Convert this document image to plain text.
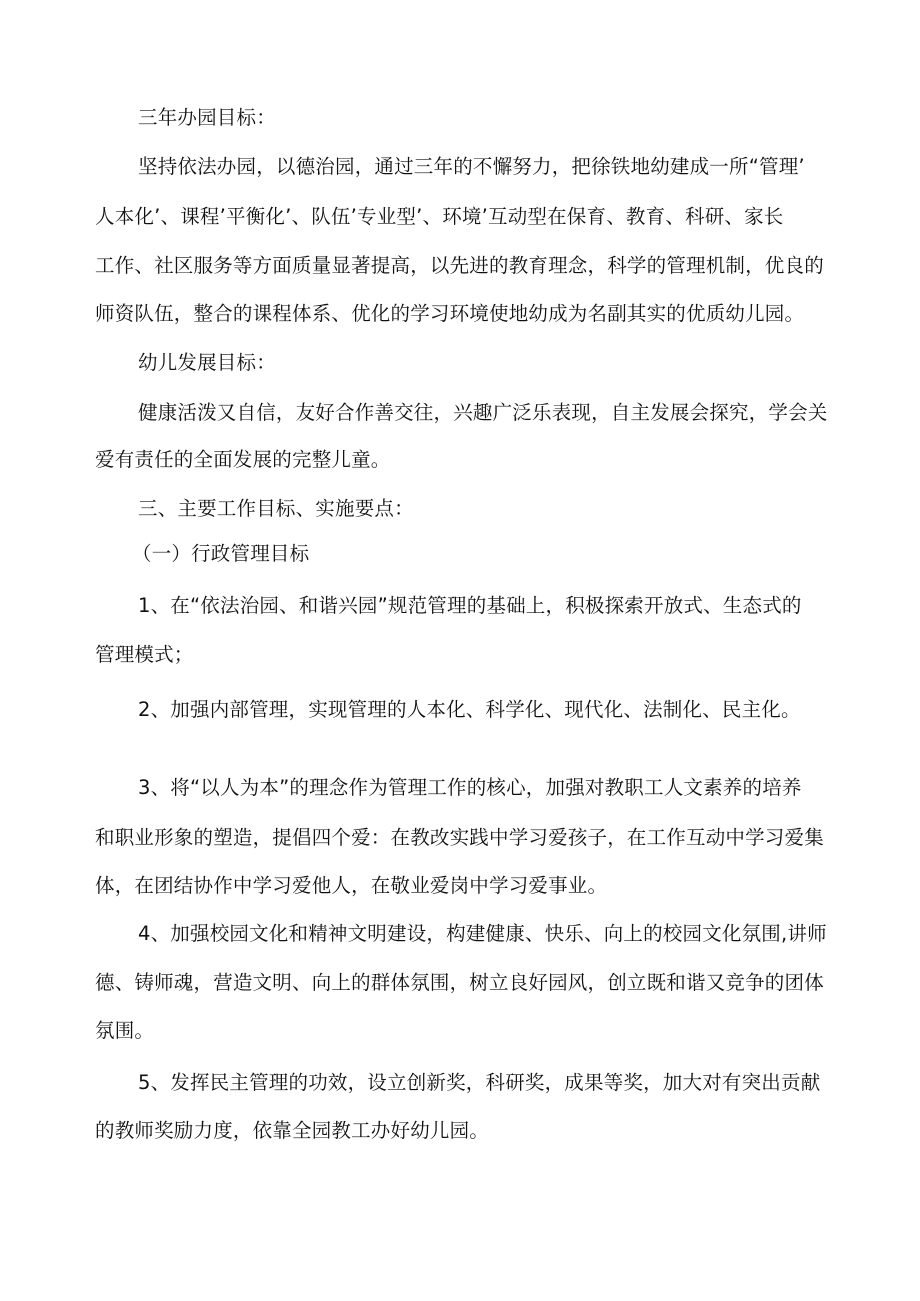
三年办园目标：
坚持依法办园，以德治园，通过三年的不懈努力，把徐铁地幼建成一所“管理’
人本化’、课程’平衡化’、队伍’专业型’、环境’互动型在保育、教育、科研、家长
工作、社区服务等方面质量显著提高，以先进的教育理念，科学的管理机制，优良的
师资队伍，整合的课程体系、优化的学习环境使地幼成为名副其实的优质幼儿园。
幼儿发展目标：
健康活泼又自信，友好合作善交往，兴趣广泛乐表现，自主发展会探究，学会关
爱有责任的全面发展的完整儿童。
三、主要工作目标、实施要点：
（一）行政管理目标
1、在“依法治园、和谐兴园”规范管理的基础上，积极探索开放式、生态式的
管理模式；
2、加强内部管理，实现管理的人本化、科学化、现代化、法制化、民主化。
3、将“以人为本”的理念作为管理工作的核心，加强对教职工人文素养的培养
和职业形象的塑造，提倡四个爱：在教改实践中学习爱孩子，在工作互动中学习爱集
体，在团结协作中学习爱他人，在敬业爱岗中学习爱事业。
4、加强校园文化和精神文明建设，构建健康、快乐、向上的校园文化氛围,讲师
德、铸师魂，营造文明、向上的群体氛围，树立良好园风，创立既和谐又竞争的团体
氛围。
5、发挥民主管理的功效，设立创新奖，科研奖，成果等奖，加大对有突出贡献
的教师奖励力度，依靠全园教工办好幼儿园。
